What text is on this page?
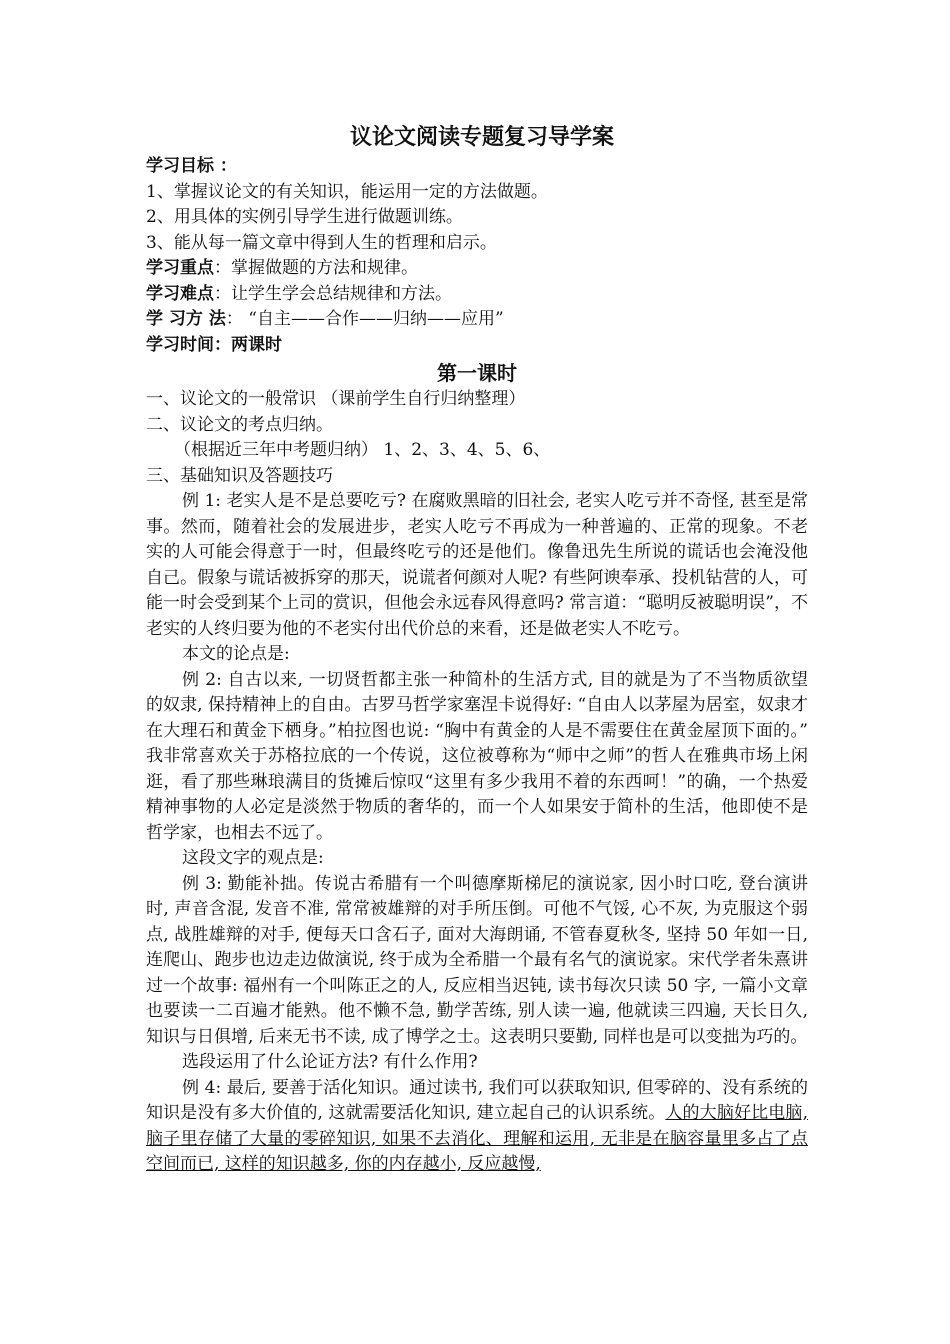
议论文阅读专题复习导学案
学习目标 ：
1、掌握议论文的有关知识，能运用一定的方法做题。
2、用具体的实例引导学生进行做题训练。
3、能从每一篇文章中得到人生的哲理和启示。
学习重点：掌握做题的方法和规律。
学习难点：让学生学会总结规律和方法。
学 习方 法： “自主——合作——归纳——应用”
学习时间：两课时
第一课时
一、议论文的一般常识 （课前学生自行归纳整理）
二、议论文的考点归纳。
（根据近三年中考题归纳） 1、2、3、4、5、6、
三、基础知识及答题技巧

例 1: 老实人是不是总要吃亏? 在腐败黑暗的旧社会, 老实人吃亏并不奇怪, 甚至是常事。然而，随着社会的发展进步，老实人吃亏不再成为一种普遍的、正常的现象。不老实的人可能会得意于一时，但最终吃亏的还是他们。像鲁迅先生所说的谎话也会淹没他自己。假象与谎话被拆穿的那天，说谎者何颜对人呢? 有些阿谀奉承、投机钻营的人，可能一时会受到某个上司的赏识，但他会永远春风得意吗? 常言道：“聪明反被聪明误”，不老实的人终归要为他的不老实付出代价总的来看，还是做老实人不吃亏。

本文的论点是:

例 2: 自古以来, 一切贤哲都主张一种简朴的生活方式, 目的就是为了不当物质欲望的奴隶, 保持精神上的自由。古罗马哲学家塞涅卡说得好: “自由人以茅屋为居室，奴隶才在大理石和黄金下栖身。”柏拉图也说: “胸中有黄金的人是不需要住在黄金屋顶下面的。” 我非常喜欢关于苏格拉底的一个传说，这位被尊称为“师中之师”的哲人在雅典市场上闲逛，看了那些琳琅满目的货摊后惊叹“这里有多少我用不着的东西呵！”的确，一个热爱精神事物的人必定是淡然于物质的奢华的，而一个人如果安于简朴的生活，他即使不是哲学家，也相去不远了。

这段文字的观点是:

例 3: 勤能补拙。传说古希腊有一个叫德摩斯梯尼的演说家, 因小时口吃, 登台演讲时, 声音含混, 发音不准, 常常被雄辩的对手所压倒。可他不气馁, 心不灰, 为克服这个弱点, 战胜雄辩的对手, 便每天口含石子, 面对大海朗诵, 不管春夏秋冬, 坚持 50 年如一日, 连爬山、跑步也边走边做演说, 终于成为全希腊一个最有名气的演说家。宋代学者朱熹讲过一个故事: 福州有一个叫陈正之的人, 反应相当迟钝, 读书每次只读 50 字, 一篇小文章也要读一二百遍才能熟。他不懒不急, 勤学苦练, 别人读一遍, 他就读三四遍, 天长日久, 知识与日俱增, 后来无书不读, 成了博学之士。这表明只要勤, 同样也是可以变拙为巧的。

选段运用了什么论证方法? 有什么作用?

例 4: 最后, 要善于活化知识。通过读书, 我们可以获取知识, 但零碎的、没有系统的知识是没有多大价值的, 这就需要活化知识, 建立起自己的认识系统。人的大脑好比电脑, 脑子里存储了大量的零碎知识, 如果不去消化、理解和运用, 无非是在脑容量里多占了点空间而已, 这样的知识越多, 你的内存越小, 反应越慢,
